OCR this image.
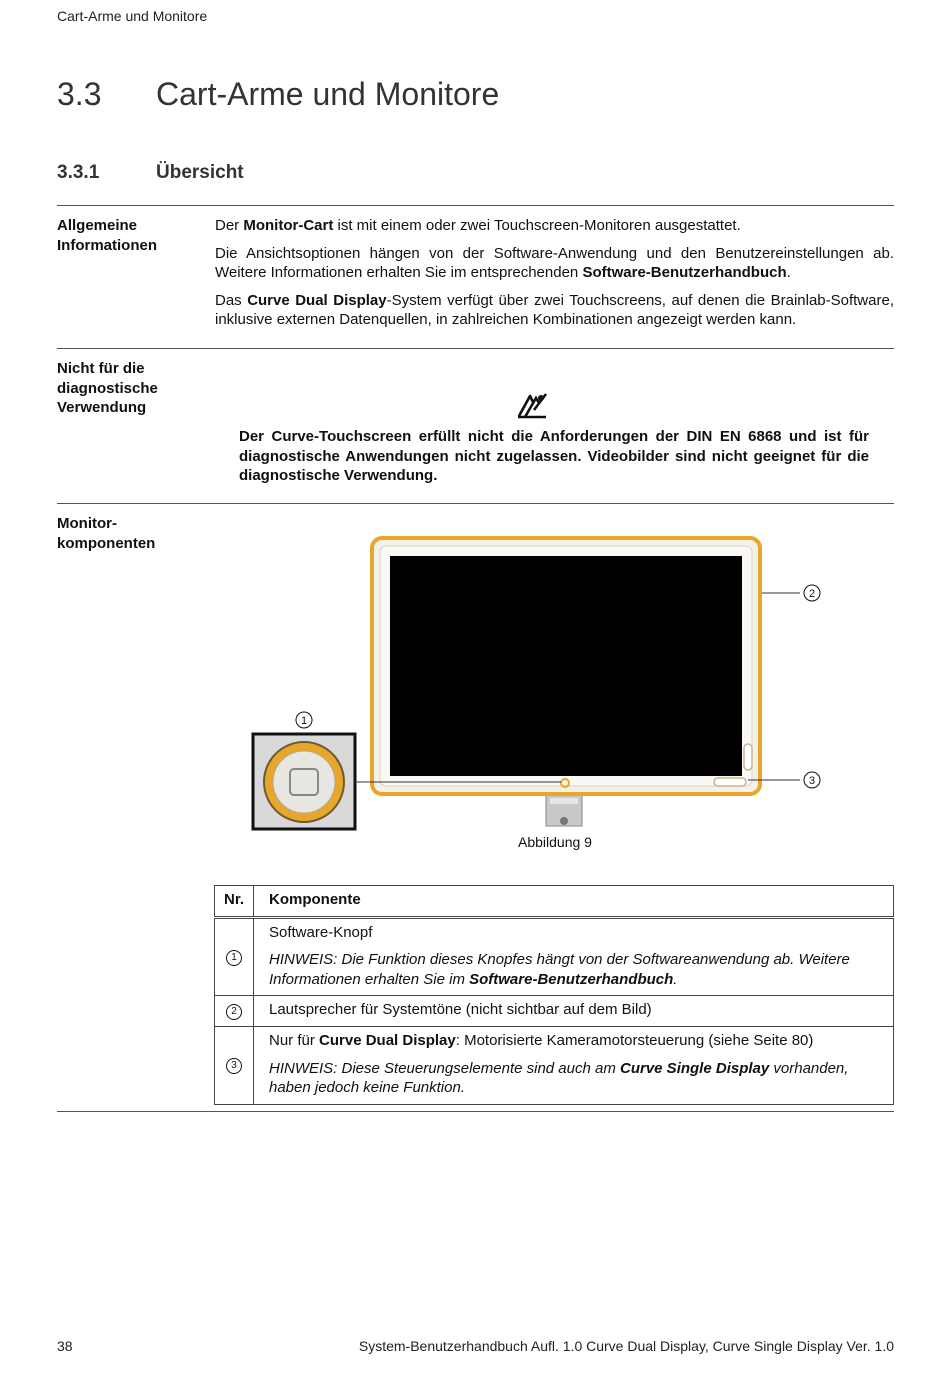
Cart-Arme und Monitore
3.3 Cart-Arme und Monitore
3.3.1	Übersicht
Allgemeine
Informationen

Der Monitor-Cart ist mit einem oder zwei Touchscreen-Monitoren ausgestattet.

Die Ansichtsoptionen hängen von der Software-Anwendung und den Benutzereinstellungen ab. Weitere Informationen erhalten Sie im entsprechenden Software-Benutzerhandbuch.

Das Curve Dual Display-System verfügt über zwei Touchscreens, auf denen die Brainlab-Software, inklusive externen Datenquellen, in zahlreichen Kombinationen angezeigt werden kann.

Nicht für die
diagnostische
Verwendung
Der Curve-Touchscreen erfüllt nicht die Anforderungen der DIN EN 6868 und ist für diagnostische Anwendungen nicht zugelassen. Videobilder sind nicht geeignet für die diagnostische Verwendung.
Monitor-
komponenten
2
3
1
Abbildung 9
Nr.	Komponente
1	Software-Knopf

HINWEIS: Die Funktion dieses Knopfes hängt von der Softwareanwendung ab. Weitere Informationen erhalten Sie im Software-Benutzerhandbuch.

2	Lautsprecher für Systemtöne (nicht sichtbar auf dem Bild)

3	Nur für Curve Dual Display: Motorisierte Kameramotorsteuerung (siehe Seite 80)

HINWEIS: Diese Steuerungselemente sind auch am Curve Single Display vorhanden, haben jedoch keine Funktion.

38	System-Benutzerhandbuch Aufl. 1.0 Curve Dual Display, Curve Single Display Ver. 1.0
